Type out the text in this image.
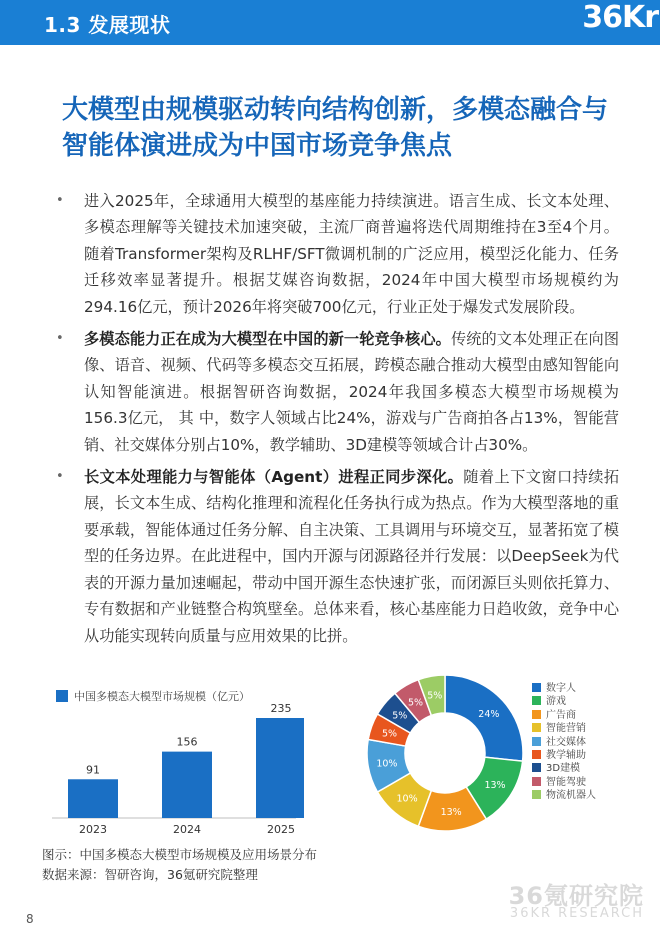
1.3 发展现状	36Kr
大模型由规模驱动转向结构创新，多模态融合与智能体演进成为中国市场竞争焦点
• 进入2025年，全球通用大模型的基座能力持续演进。语言生成、长文本处理、多模态理解等关键技术加速突破，主流厂商普遍将迭代周期维持在3至4个月。随着Transformer架构及RLHF/SFT微调机制的广泛应用，模型泛化能力、任务迁移效率显著提升。根据艾媒咨询数据，2024年中国大模型市场规模约为294.16亿元，预计2026年将突破700亿元，行业正处于爆发式发展阶段。
• 多模态能力正在成为大模型在中国的新一轮竞争核心。传统的文本处理正在向图像、语音、视频、代码等多模态交互拓展，跨模态融合推动大模型由感知智能向认知智能演进。根据智研咨询数据，2024年我国多模态大模型市场规模为156.3亿元， 其 中，数字人领域占比24%，游戏与广告商拍各占13%，智能营销、社交媒体分别占10%，教学辅助、3D建模等领域合计占30%。
• 长文本处理能力与智能体（Agent）进程正同步深化。随着上下文窗口持续拓展，长文本生成、结构化推理和流程化任务执行成为热点。作为大模型落地的重要承载，智能体通过任务分解、自主决策、工具调用与环境交互，显著拓宽了模型的任务边界。在此进程中，国内开源与闭源路径并行发展：以DeepSeek为代表的开源力量加速崛起，带动中国开源生态快速扩张，而闭源巨头则依托算力、专有数据和产业链整合构筑壁垒。总体来看，核心基座能力日趋收敛，竞争中心从功能实现转向质量与应用效果的比拼。
中国多模态大模型市场规模（亿元）
91
2023
156
2024
235
2025
24%
13%
13%
10%
10%
5%
5%
5%
5%
数字人
游戏
广告商
智能营销
社交媒体
教学辅助
3D建模
智能驾驶
物流机器人
图示：中国多模态大模型市场规模及应用场景分布
数据来源：智研咨询，36氪研究院整理
36氪研究院
36KR RESEARCH
8
